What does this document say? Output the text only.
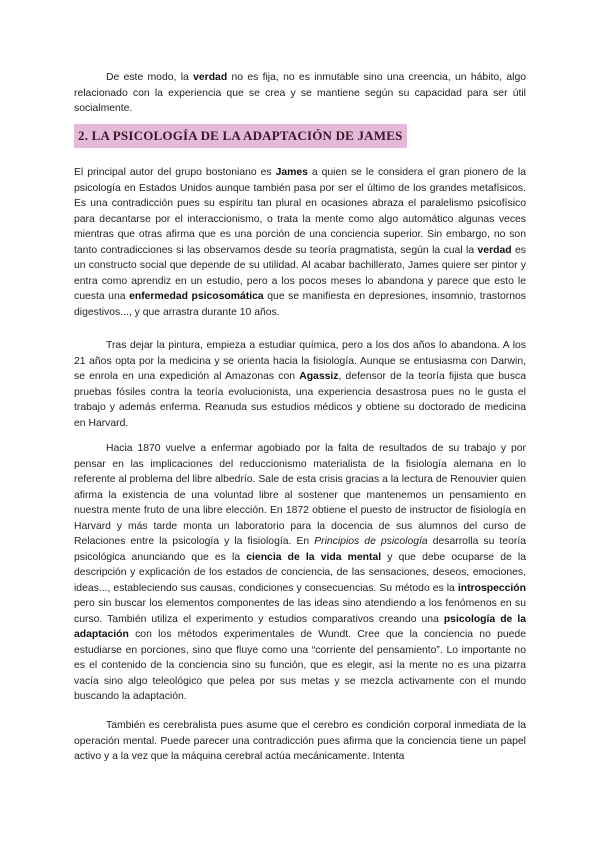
De este modo, la verdad no es fija, no es inmutable sino una creencia, un hábito, algo relacionado con la experiencia que se crea y se mantiene según su capacidad para ser útil socialmente.

2. LA PSICOLOGÍA DE LA ADAPTACIÓN DE JAMES

El principal autor del grupo bostoniano es James a quien se le considera el gran pionero de la psicología en Estados Unidos aunque también pasa por ser el último de los grandes metafísicos. Es una contradicción pues su espíritu tan plural en ocasiones abraza el paralelismo psicofísico para decantarse por el interaccionismo, o trata la mente como algo automático algunas veces mientras que otras afirma que es una porción de una conciencia superior. Sin embargo, no son tanto contradicciones si las observamos desde su teoría pragmatista, según la cual la verdad es un constructo social que depende de su utilidad. Al acabar bachillerato, James quiere ser pintor y entra como aprendiz en un estudio, pero a los pocos meses lo abandona y parece que esto le cuesta una enfermedad psicosomática que se manifiesta en depresiones, insomnio, trastornos digestivos..., y que arrastra durante 10 años.

Tras dejar la pintura, empieza a estudiar química, pero a los dos años lo abandona. A los 21 años opta por la medicina y se orienta hacia la fisiología. Aunque se entusiasma con Darwin, se enrola en una expedición al Amazonas con Agassiz, defensor de la teoría fijista que busca pruebas fósiles contra la teoría evolucionista, una experiencia desastrosa pues no le gusta el trabajo y además enferma. Reanuda sus estudios médicos y obtiene su doctorado de medicina en Harvard.

Hacia 1870 vuelve a enfermar agobiado por la falta de resultados de su trabajo y por pensar en las implicaciones del reduccionismo materialista de la fisiología alemana en lo referente al problema del libre albedrío. Sale de esta crisis gracias a la lectura de Renouvier quien afirma la existencia de una voluntad libre al sostener que mantenemos un pensamiento en nuestra mente fruto de una libre elección. En 1872 obtiene el puesto de instructor de fisiología en Harvard y más tarde monta un laboratorio para la docencia de sus alumnos del curso de Relaciones entre la psicología y la fisiología. En Principios de psicología desarrolla su teoría psicológica anunciando que es la ciencia de la vida mental y que debe ocuparse de la descripción y explicación de los estados de conciencia, de las sensaciones, deseos, emociones, ideas..., estableciendo sus causas, condiciones y consecuencias. Su método es la introspección pero sin buscar los elementos componentes de las ideas sino atendiendo a los fenómenos en su curso. También utiliza el experimento y estudios comparativos creando una psicología de la adaptación con los métodos experimentales de Wundt. Cree que la conciencia no puede estudiarse en porciones, sino que fluye como una “corriente del pensamiento”. Lo importante no es el contenido de la conciencia sino su función, que es elegir, así la mente no es una pizarra vacía sino algo teleológico que pelea por sus metas y se mezcla activamente con el mundo buscando la adaptación.

También es cerebralista pues asume que el cerebro es condición corporal inmediata de la operación mental. Puede parecer una contradicción pues afirma que la conciencia tiene un papel activo y a la vez que la máquina cerebral actúa mecánicamente. Intenta
